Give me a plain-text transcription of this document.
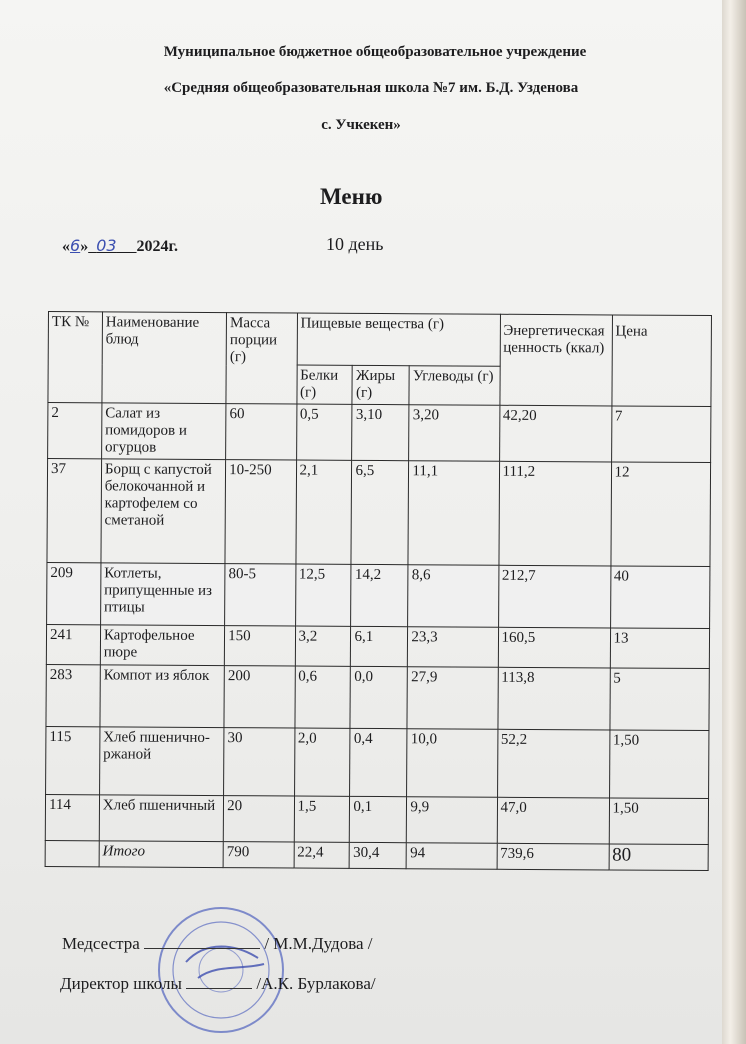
Муниципальное бюджетное общеобразовательное учреждение
«Средняя общеобразовательная школа №7 им. Б.Д. Узденова
с. Учкекен»
Меню
«6» 03 2024г.	10 день
ТК №	Наименование блюд	Масса порции (г)	Пищевые вещества (г)			Энергетическая ценность (ккал)	Цена
			Белки (г)	Жиры (г)	Углеводы (г)		
2	Салат из помидоров и огурцов	60	0,5	3,10	3,20	42,20	7
37	Борщ с капустой белокочанной и картофелем со сметаной	10-250	2,1	6,5	11,1	111,2	12
209	Котлеты, припущенные из птицы	80-5	12,5	14,2	8,6	212,7	40
241	Картофельное пюре	150	3,2	6,1	23,3	160,5	13
283	Компот из яблок	200	0,6	0,0	27,9	113,8	5
115	Хлеб пшенично-ржаной	30	2,0	0,4	10,0	52,2	1,50
114	Хлеб пшеничный	20	1,5	0,1	9,9	47,0	1,50
	Итого	790	22,4	30,4	94	739,6	80
Медсестра	/ М.М.Дудова /
Директор школы	/А.К. Бурлакова/
